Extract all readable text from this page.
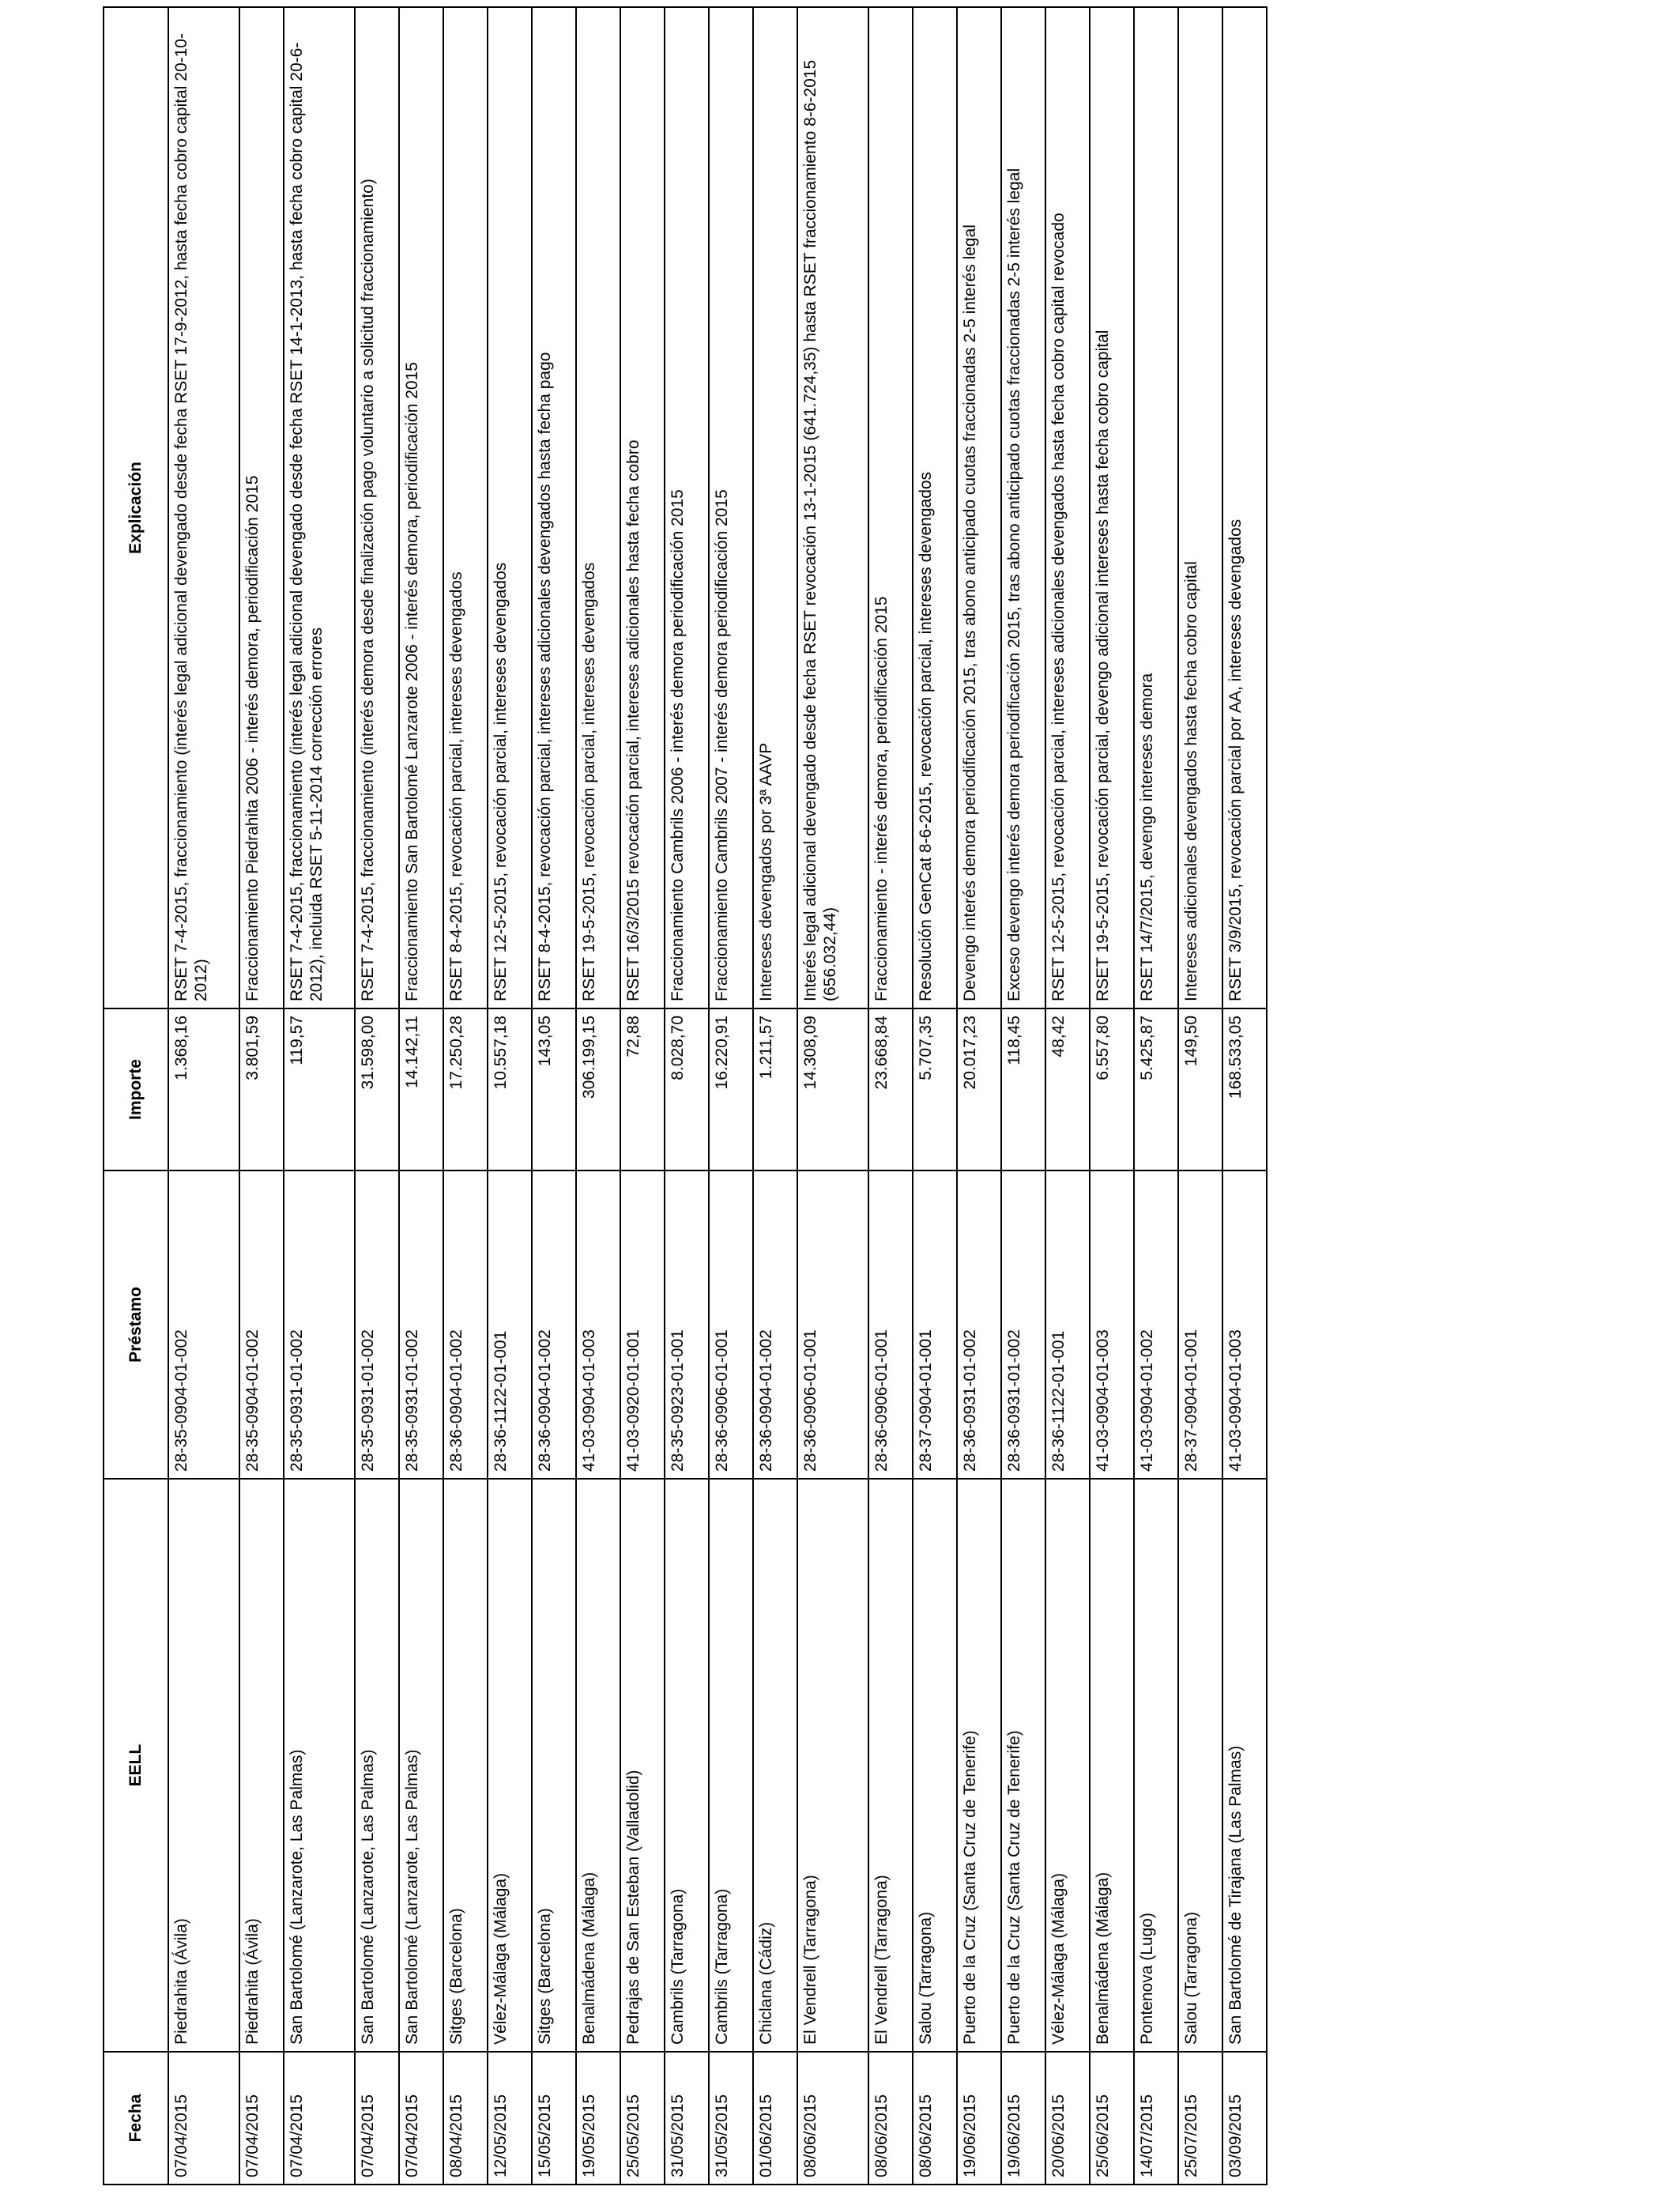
Fecha	EELL	Préstamo	Importe	Explicación
07/04/2015	Piedrahita (Ávila)	28-35-0904-01-002	1.368,16	RSET 7-4-2015, fraccionamiento (interés legal adicional devengado desde fecha RSET 17-9-2012, hasta fecha cobro capital 20-10-2012)
07/04/2015	Piedrahita (Ávila)	28-35-0904-01-002	3.801,59	Fraccionamiento Piedrahita 2006 - interés demora, periodificación 2015
07/04/2015	San Bartolomé (Lanzarote, Las Palmas)	28-35-0931-01-002	119,57	RSET 7-4-2015, fraccionamiento (interés legal adicional devengado desde fecha RSET 14-1-2013, hasta fecha cobro capital 20-6-2012), incluida RSET 5-11-2014 corrección errores
07/04/2015	San Bartolomé (Lanzarote, Las Palmas)	28-35-0931-01-002	31.598,00	RSET 7-4-2015, fraccionamiento (interés demora desde finalización pago voluntario a solicitud fraccionamiento)
07/04/2015	San Bartolomé (Lanzarote, Las Palmas)	28-35-0931-01-002	14.142,11	Fraccionamiento San Bartolomé Lanzarote 2006 - interés demora, periodificación 2015
08/04/2015	Sitges (Barcelona)	28-36-0904-01-002	17.250,28	RSET 8-4-2015, revocación parcial, intereses devengados
12/05/2015	Vélez-Málaga (Málaga)	28-36-1122-01-001	10.557,18	RSET 12-5-2015, revocación parcial, intereses devengados
15/05/2015	Sitges (Barcelona)	28-36-0904-01-002	143,05	RSET 8-4-2015, revocación parcial, intereses adicionales devengados hasta fecha pago
19/05/2015	Benalmádena (Málaga)	41-03-0904-01-003	306.199,15	RSET 19-5-2015, revocación parcial, intereses devengados
25/05/2015	Pedrajas de San Esteban (Valladolid)	41-03-0920-01-001	72,88	RSET 16/3/2015 revocación parcial, intereses adicionales hasta fecha cobro
31/05/2015	Cambrils (Tarragona)	28-35-0923-01-001	8.028,70	Fraccionamiento Cambrils 2006 - interés demora periodificación 2015
31/05/2015	Cambrils (Tarragona)	28-36-0906-01-001	16.220,91	Fraccionamiento Cambrils 2007 - interés demora periodificación 2015
01/06/2015	Chiclana (Cádiz)	28-36-0904-01-002	1.211,57	Intereses devengados por 3ª AAVP
08/06/2015	El Vendrell (Tarragona)	28-36-0906-01-001	14.308,09	Interés legal adicional devengado desde fecha RSET revocación 13-1-2015 (641.724,35) hasta RSET fraccionamiento 8-6-2015 (656.032,44)
08/06/2015	El Vendrell (Tarragona)	28-36-0906-01-001	23.668,84	Fraccionamiento - interés demora, periodificación 2015
08/06/2015	Salou (Tarragona)	28-37-0904-01-001	5.707,35	Resolución GenCat 8-6-2015, revocación parcial, intereses devengados
19/06/2015	Puerto de la Cruz (Santa Cruz de Tenerife)	28-36-0931-01-002	20.017,23	Devengo interés demora periodificación 2015, tras abono anticipado cuotas fraccionadas 2-5 interés legal
19/06/2015	Puerto de la Cruz (Santa Cruz de Tenerife)	28-36-0931-01-002	118,45	Exceso devengo interés demora periodificación 2015, tras abono anticipado cuotas fraccionadas 2-5 interés legal
20/06/2015	Vélez-Málaga (Málaga)	28-36-1122-01-001	48,42	RSET 12-5-2015, revocación parcial, intereses adicionales devengados hasta fecha cobro capital revocado
25/06/2015	Benalmádena (Málaga)	41-03-0904-01-003	6.557,80	RSET 19-5-2015, revocación parcial, devengo adicional intereses hasta fecha cobro capital
14/07/2015	Pontenova (Lugo)	41-03-0904-01-002	5.425,87	RSET 14/7/2015, devengo intereses demora
25/07/2015	Salou (Tarragona)	28-37-0904-01-001	149,50	Intereses adicionales devengados hasta fecha cobro capital
03/09/2015	San Bartolomé de Tirajana (Las Palmas)	41-03-0904-01-003	168.533,05	RSET 3/9/2015, revocación parcial por AA, intereses devengados
